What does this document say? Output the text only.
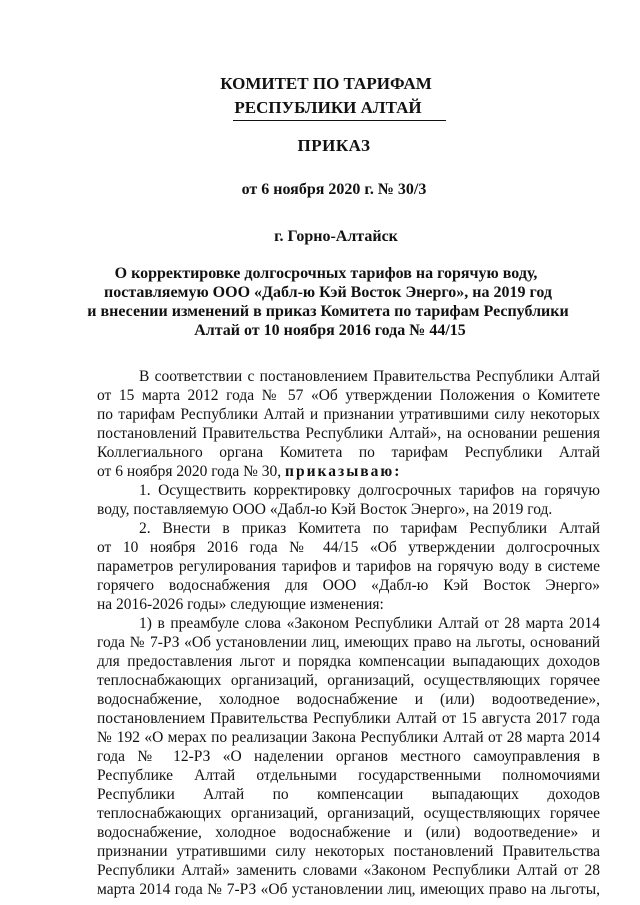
КОМИТЕТ ПО ТАРИФАМ
РЕСПУБЛИКИ АЛТАЙ
ПРИКАЗ
от 6 ноября 2020 г. № 30/3
г. Горно-Алтайск
О корректировке долгосрочных тарифов на горячую воду,
поставляемую ООО «Дабл-ю Кэй Восток Энерго», на 2019 год
и внесении изменений в приказ Комитета по тарифам Республики
Алтай от 10 ноября 2016 года № 44/15
В соответствии с постановлением Правительства Республики Алтай
от 15 марта 2012 года № 57 «Об утверждении Положения о Комитете
по тарифам Республики Алтай и признании утратившими силу некоторых
постановлений Правительства Республики Алтай», на основании решения
Коллегиального органа Комитета по тарифам Республики Алтай
от 6 ноября 2020 года № 30, приказываю:
1. Осуществить корректировку долгосрочных тарифов на горячую
воду, поставляемую ООО «Дабл-ю Кэй Восток Энерго», на 2019 год.
2. Внести в приказ Комитета по тарифам Республики Алтай
от 10 ноября 2016 года № 44/15 «Об утверждении долгосрочных
параметров регулирования тарифов и тарифов на горячую воду в системе
горячего водоснабжения для ООО «Дабл-ю Кэй Восток Энерго»
на 2016-2026 годы» следующие изменения:
1) в преамбуле слова «Законом Республики Алтай от 28 марта 2014
года № 7-РЗ «Об установлении лиц, имеющих право на льготы, оснований
для предоставления льгот и порядка компенсации выпадающих доходов
теплоснабжающих организаций, организаций, осуществляющих горячее
водоснабжение, холодное водоснабжение и (или) водоотведение»,
постановлением Правительства Республики Алтай от 15 августа 2017 года
№ 192 «О мерах по реализации Закона Республики Алтай от 28 марта 2014
года № 12-РЗ «О наделении органов местного самоуправления в
Республике Алтай отдельными государственными полномочиями
Республики Алтай по компенсации выпадающих доходов
теплоснабжающих организаций, организаций, осуществляющих горячее
водоснабжение, холодное водоснабжение и (или) водоотведение» и
признании утратившими силу некоторых постановлений Правительства
Республики Алтай» заменить словами «Законом Республики Алтай от 28
марта 2014 года № 7-РЗ «Об установлении лиц, имеющих право на льготы,
